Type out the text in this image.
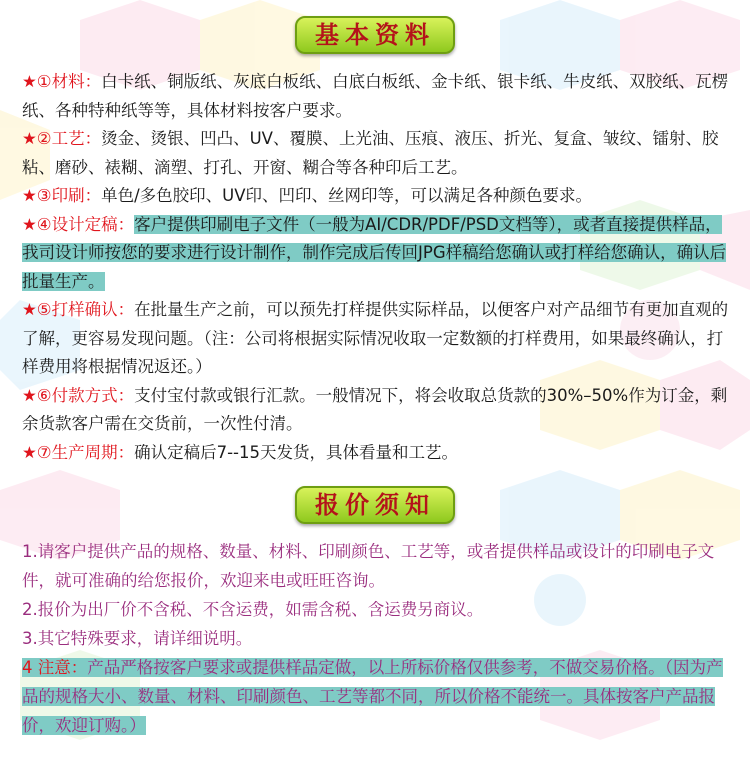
基本资料

★①材料：白卡纸、铜版纸、灰底白板纸、白底白板纸、金卡纸、银卡纸、牛皮纸、双胶纸、瓦楞纸、各种特种纸等等，具体材料按客户要求。

★②工艺：烫金、烫银、凹凸、UV、覆膜、上光油、压痕、液压、折光、复盒、皱纹、镭射、胶粘、磨砂、裱糊、滴塑、打孔、开窗、糊合等各种印后工艺。

★③印刷：单色/多色胶印、UV印、凹印、丝网印等，可以满足各种颜色要求。

★④设计定稿：客户提供印刷电子文件（一般为AI/CDR/PDF/PSD文档等），或者直接提供样品，我司设计师按您的要求进行设计制作，制作完成后传回JPG样稿给您确认或打样给您确认，确认后批量生产。

★⑤打样确认：在批量生产之前，可以预先打样提供实际样品，以便客户对产品细节有更加直观的了解，更容易发现问题。（注：公司将根据实际情况收取一定数额的打样费用，如果最终确认，打样费用将根据情况返还。）

★⑥付款方式：支付宝付款或银行汇款。一般情况下，将会收取总货款的30%–50%作为订金，剩余货款客户需在交货前，一次性付清。

★⑦生产周期：确认定稿后7--15天发货，具体看量和工艺。

报价须知

1.请客户提供产品的规格、数量、材料、印刷颜色、工艺等，或者提供样品或设计的印刷电子文件，就可准确的给您报价，欢迎来电或旺旺咨询。

2.报价为出厂价不含税、不含运费，如需含税、含运费另商议。

3.其它特殊要求，请详细说明。

4 注意：产品严格按客户要求或提供样品定做，以上所标价格仅供参考，不做交易价格。（因为产品的规格大小、数量、材料、印刷颜色、工艺等都不同，所以价格不能统一。具体按客户产品报价，欢迎订购。）
